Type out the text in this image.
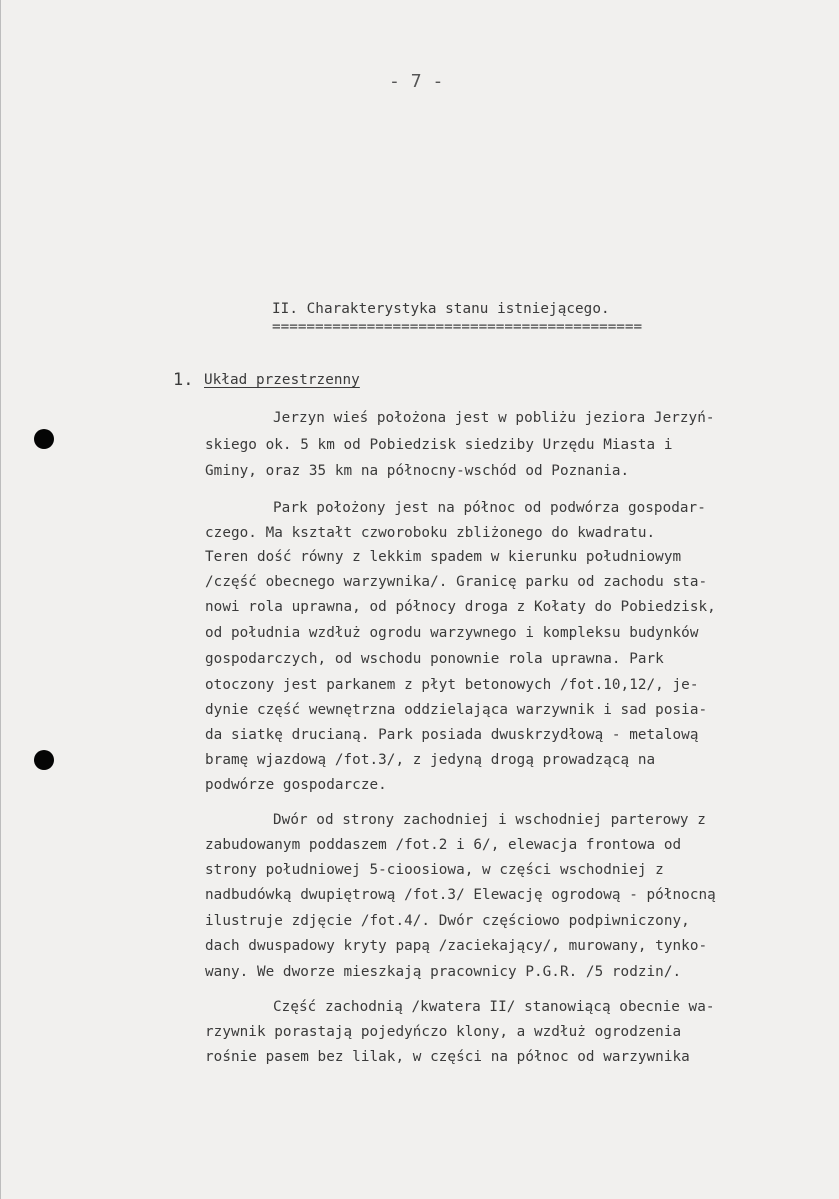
- 7 -

II. Charakterystyka stanu istniejącego.

===========================================

1. Układ przestrzenny

Jerzyn wieś położona jest w pobliżu jeziora Jerzyń-

skiego ok. 5 km od Pobiedzisk siedziby Urzędu Miasta i

Gminy, oraz 35 km na północny-wschód od Poznania.

Park położony jest na północ od podwórza gospodar-

czego. Ma kształt czworoboku zbliżonego do kwadratu.

Teren dość równy z lekkim spadem w kierunku południowym

/część obecnego warzywnika/. Granicę parku od zachodu sta-

nowi rola uprawna, od północy droga z Kołaty do Pobiedzisk,

od południa wzdłuż ogrodu warzywnego i kompleksu budynków

gospodarczych, od wschodu ponownie rola uprawna. Park

otoczony jest parkanem z płyt betonowych /fot.10,12/, je-

dynie część wewnętrzna oddzielająca warzywnik i sad posia-

da siatkę drucianą. Park posiada dwuskrzydłową - metalową

bramę wjazdową /fot.3/, z jedyną drogą prowadzącą na

podwórze gospodarcze.

Dwór od strony zachodniej i wschodniej parterowy z

zabudowanym poddaszem /fot.2 i 6/, elewacja frontowa od

strony południowej 5-cioosiowa, w części wschodniej z

nadbudówką dwupiętrową /fot.3/ Elewację ogrodową - północną

ilustruje zdjęcie /fot.4/. Dwór częściowo podpiwniczony,

dach dwuspadowy kryty papą /zaciekający/, murowany, tynko-

wany. We dworze mieszkają pracownicy P.G.R. /5 rodzin/.

Część zachodnią /kwatera II/ stanowiącą obecnie wa-

rzywnik porastają pojedyńczo klony, a wzdłuż ogrodzenia

rośnie pasem bez lilak, w części na północ od warzywnika
